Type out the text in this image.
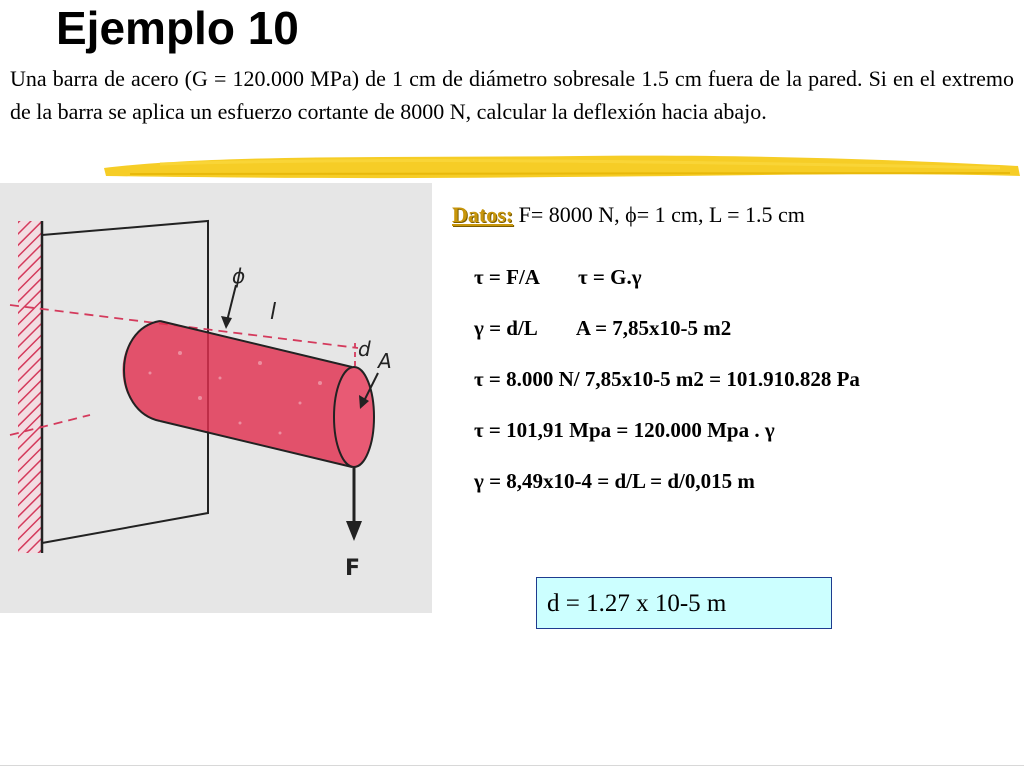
Ejemplo 10

Una barra de acero (G = 120.000 MPa) de 1 cm de diámetro sobresale 1.5 cm fuera de la pared. Si en el extremo de la barra se aplica un esfuerzo cortante de 8000 N, calcular la deflexión hacia abajo.

ϕ
l
d A
F
Datos: F= 8000 N, ϕ= 1 cm, L = 1.5 cm
τ = F/A τ = G.γ
γ = d/L A = 7,85x10-5 m2
τ = 8.000 N/ 7,85x10-5 m2 = 101.910.828 Pa
τ = 101,91 Mpa = 120.000 Mpa . γ
γ = 8,49x10-4 = d/L = d/0,015 m
d = 1.27 x 10-5 m
